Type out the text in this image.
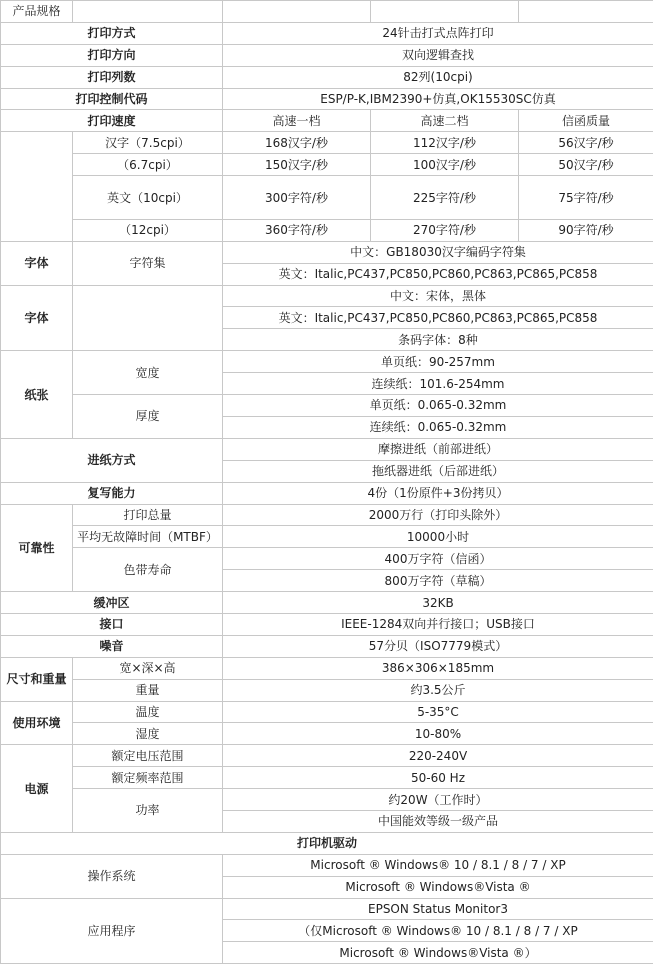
产品规格				
打印方式		24针击打式点阵打印		
打印方向		双向逻辑查找		
打印列数		82列(10cpi)		
打印控制代码		ESP/P-K,IBM2390+仿真,OK15530SC仿真		
打印速度		高速一档	高速二档	信函质量
	汉字（7.5cpi）	168汉字/秒	112汉字/秒	56汉字/秒
	（6.7cpi）	150汉字/秒	100汉字/秒	50汉字/秒
	英文（10cpi）	300字符/秒	225字符/秒	75字符/秒
	（12cpi）	360字符/秒	270字符/秒	90字符/秒
字体	字符集	中文：GB18030汉字编码字符集		
		英文：Italic,PC437,PC850,PC860,PC863,PC865,PC858		
字体		中文：宋体，黑体		
		英文：Italic,PC437,PC850,PC860,PC863,PC865,PC858		
		条码字体：8种		
纸张	宽度	单页纸：90-257mm		
		连续纸：101.6-254mm		
	厚度	单页纸：0.065-0.32mm		
		连续纸：0.065-0.32mm		
进纸方式		摩擦进纸（前部进纸）		
		拖纸器进纸（后部进纸）		
复写能力		4份（1份原件+3份拷贝）		
可靠性	打印总量	2000万行（打印头除外）		
	平均无故障时间（MTBF）	10000小时		
	色带寿命	400万字符（信函）		
		800万字符（草稿）		
缓冲区		32KB		
接口		IEEE-1284双向并行接口；USB接口		
噪音		57分贝（ISO7779模式）		
尺寸和重量	宽×深×高	386×306×185mm		
	重量	约3.5公斤		
使用环境	温度	5-35°C		
	湿度	10-80%		
电源	额定电压范围	220-240V		
	额定频率范围	50-60 Hz		
	功率	约20W（工作时）		
		中国能效等级一级产品		
打印机驱动				
操作系统		Microsoft ® Windows® 10 / 8.1 / 8 / 7 / XP		
		Microsoft ® Windows®Vista ®		
应用程序		EPSON Status Monitor3		
		（仅Microsoft ® Windows® 10 / 8.1 / 8 / 7 / XP		
		Microsoft ® Windows®Vista ®）		
